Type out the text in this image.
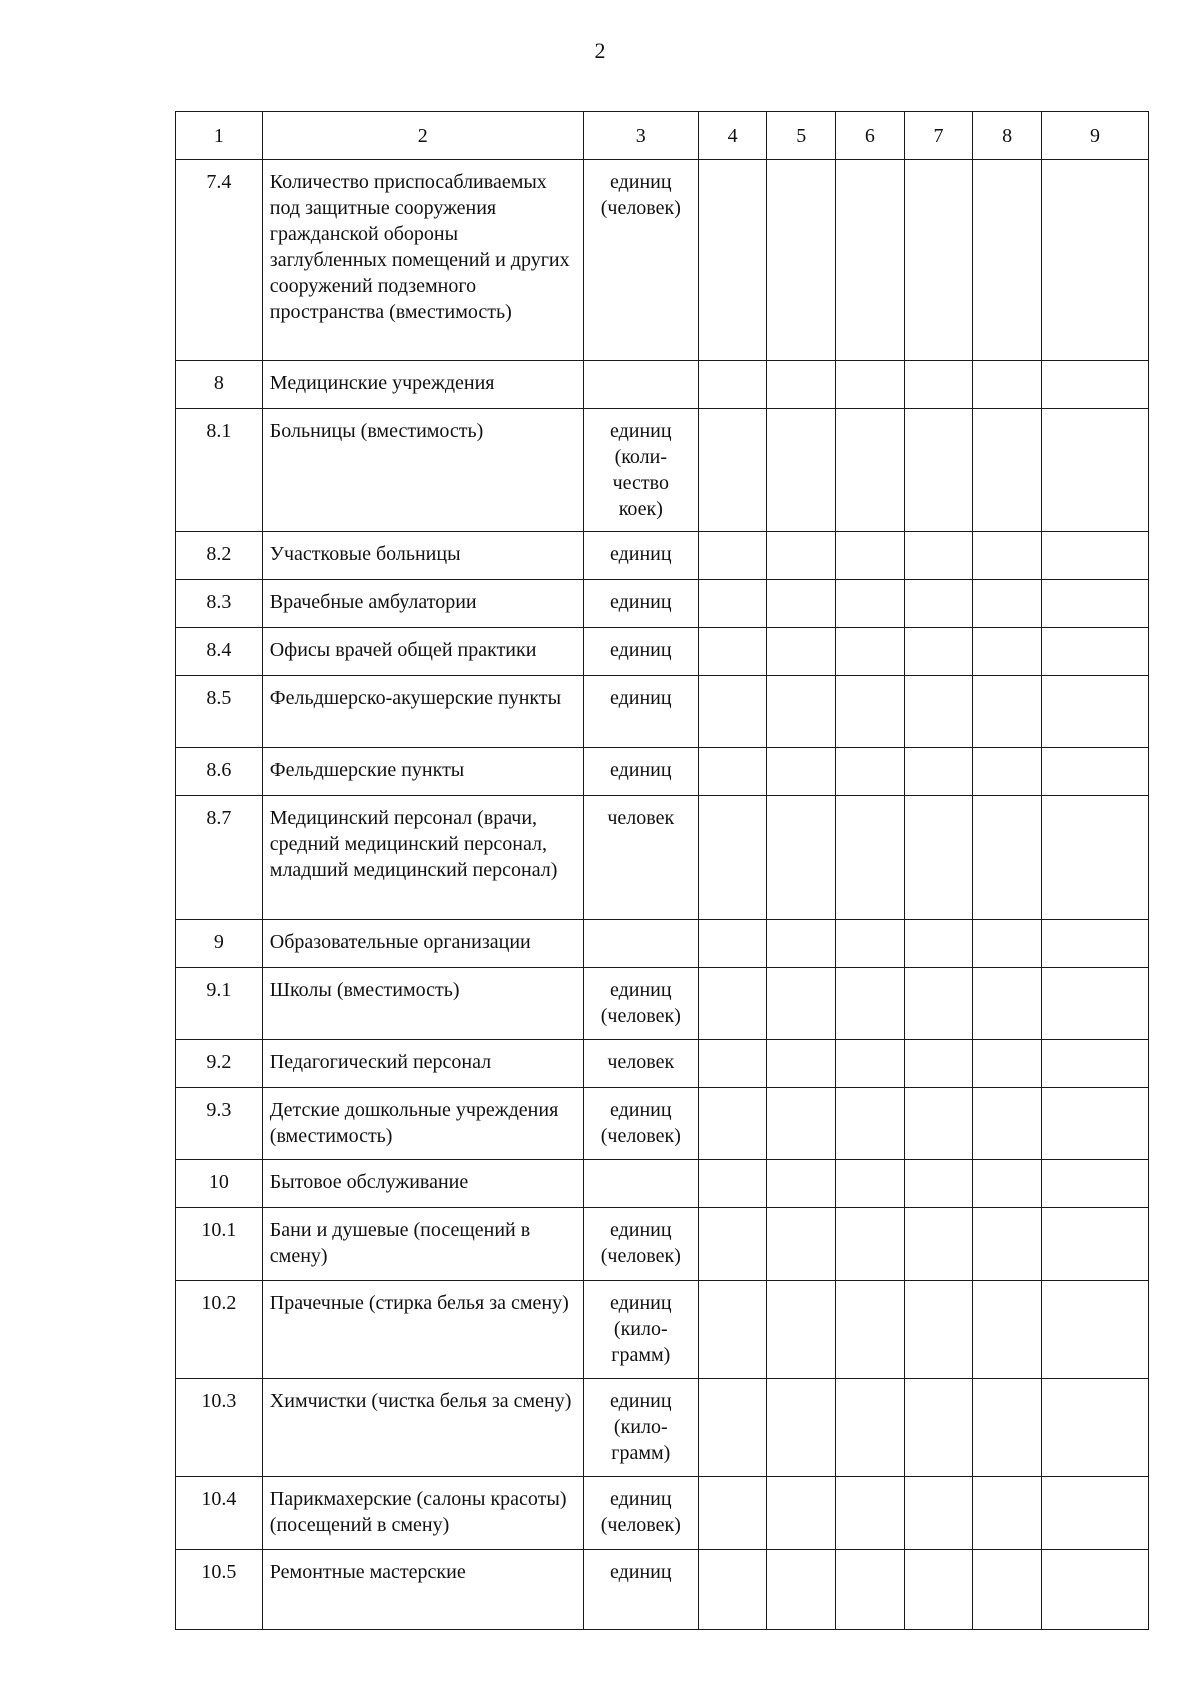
2
1	2	3	4	5	6	7	8	9
7.4	Количество приспосабливаемых под защитные сооружения гражданской обороны заглубленных помещений и других сооружений подземного пространства (вместимость)	единиц (человек)						
8	Медицинские учреждения							
8.1	Больницы (вместимость)	единиц (коли-чество коек)						
8.2	Участковые больницы	единиц						
8.3	Врачебные амбулатории	единиц						
8.4	Офисы врачей общей практики	единиц						
8.5	Фельдшерско-акушерские пункты	единиц						
8.6	Фельдшерские пункты	единиц						
8.7	Медицинский персонал (врачи, средний медицинский персонал, младший медицинский персонал)	человек						
9	Образовательные организации							
9.1	Школы (вместимость)	единиц (человек)						
9.2	Педагогический персонал	человек						
9.3	Детские дошкольные учреждения (вместимость)	единиц (человек)						
10	Бытовое обслуживание							
10.1	Бани и душевые (посещений в смену)	единиц (человек)						
10.2	Прачечные (стирка белья за смену)	единиц (кило-грамм)						
10.3	Химчистки (чистка белья за смену)	единиц (кило-грамм)						
10.4	Парикмахерские (салоны красоты) (посещений в смену)	единиц (человек)						
10.5	Ремонтные мастерские	единиц						
